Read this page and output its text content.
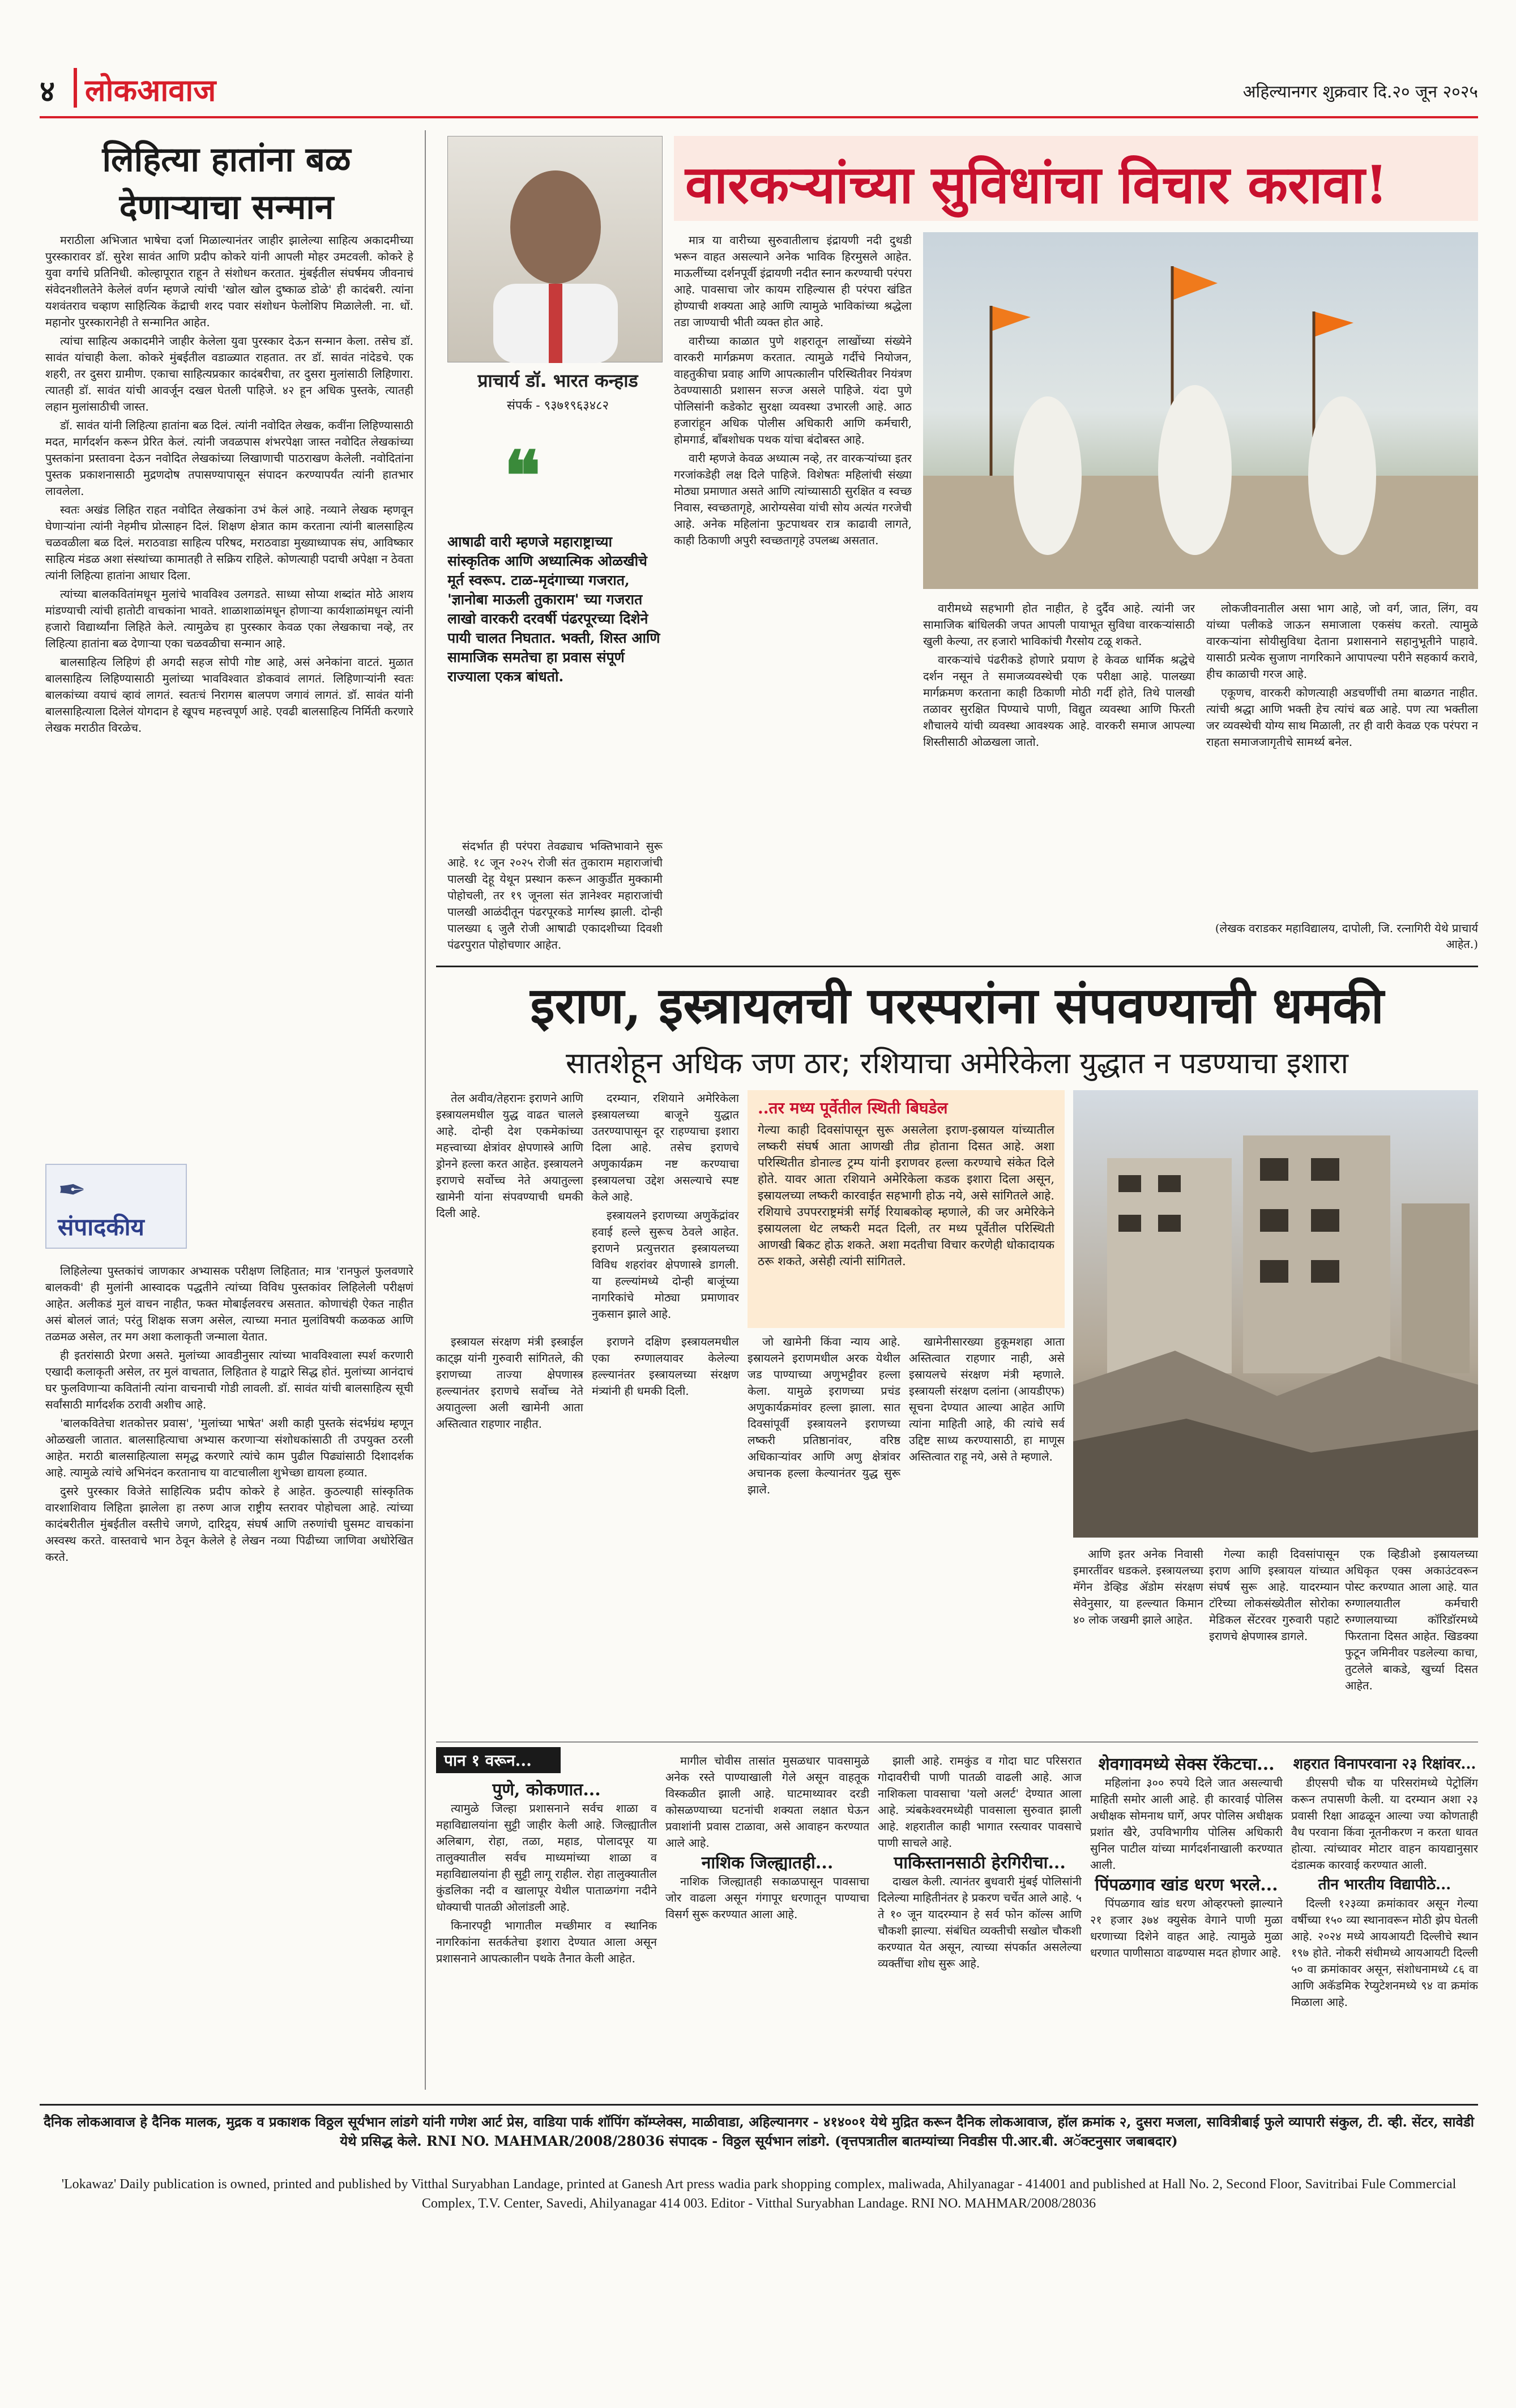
४ लोकआवाज	अहिल्यानगर शुक्रवार दि.२० जून २०२५
लिहित्या हातांना बळ देणाऱ्याचा सन्मान

मराठीला अभिजात भाषेचा दर्जा मिळाल्यानंतर जाहीर झालेल्या साहित्य अकादमीच्या पुरस्कारावर डॉ. सुरेश सावंत आणि प्रदीप कोकरे यांनी आपली मोहर उमटवली. कोकरे हे युवा वर्गाचे प्रतिनिधी. कोल्हापूरात राहून ते संशोधन करतात. मुंबईतील संघर्षमय जीवनाचं संवेदनशीलतेने केलेलं वर्णन म्हणजे त्यांची 'खोल खोल दुष्काळ डोळे' ही कादंबरी. त्यांना यशवंतराव चव्हाण साहित्यिक केंद्राची शरद पवार संशोधन फेलोशिप मिळालेली. ना. धों. महानोर पुरस्कारानेही ते सन्मानित आहेत.

त्यांचा साहित्य अकादमीने जाहीर केलेला युवा पुरस्कार देऊन सन्मान केला. तसेच डॉ. सावंत यांचाही केला. कोकरे मुंबईतील वडाळ्यात राहतात. तर डॉ. सावंत नांदेडचे. एक शहरी, तर दुसरा ग्रामीण. एकाचा साहित्यप्रकार कादंबरीचा, तर दुसरा मुलांसाठी लिहिणारा. त्यातही डॉ. सावंत यांची आवर्जून दखल घेतली पाहिजे. ४२ हून अधिक पुस्तके, त्यातही लहान मुलांसाठीची जास्त.

डॉ. सावंत यांनी लिहित्या हातांना बळ दिलं. त्यांनी नवोदित लेखक, कवींना लिहिण्यासाठी मदत, मार्गदर्शन करून प्रेरित केलं. त्यांनी जवळपास शंभरपेक्षा जास्त नवोदित लेखकांच्या पुस्तकांना प्रस्तावना देऊन नवोदित लेखकांच्या लिखाणाची पाठराखण केलेली. नवोदितांना पुस्तक प्रकाशनासाठी मुद्रणदोष तपासण्यापासून संपादन करण्यापर्यंत त्यांनी हातभार लावलेला.

स्वतः अखंड लिहित राहत नवोदित लेखकांना उभं केलं आहे. नव्याने लेखक म्हणवून घेणाऱ्यांना त्यांनी नेहमीच प्रोत्साहन दिलं. शिक्षण क्षेत्रात काम करताना त्यांनी बालसाहित्य चळवळीला बळ दिलं. मराठवाडा साहित्य परिषद, मराठवाडा मुख्याध्यापक संघ, आविष्कार साहित्य मंडळ अशा संस्थांच्या कामातही ते सक्रिय राहिले. कोणत्याही पदाची अपेक्षा न ठेवता त्यांनी लिहित्या हातांना आधार दिला.

त्यांच्या बालकवितांमधून मुलांचे भावविश्व उलगडते. साध्या सोप्या शब्दांत मोठे आशय मांडण्याची त्यांची हातोटी वाचकांना भावते. शाळाशाळांमधून होणाऱ्या कार्यशाळांमधून त्यांनी हजारो विद्यार्थ्यांना लिहिते केले. त्यामुळेच हा पुरस्कार केवळ एका लेखकाचा नव्हे, तर लिहित्या हातांना बळ देणाऱ्या एका चळवळीचा सन्मान आहे.

बालसाहित्य लिहिणं ही अगदी सहज सोपी गोष्ट आहे, असं अनेकांना वाटतं. मुळात बालसाहित्य लिहिण्यासाठी मुलांच्या भावविश्वात डोकवावं लागतं. लिहिणाऱ्यांनी स्वतः बालकांच्या वयाचं व्हावं लागतं. स्वतःचं निरागस बालपण जगावं लागतं. डॉ. सावंत यांनी बालसाहित्याला दिलेलं योगदान हे खूपच महत्त्वपूर्ण आहे. एवढी बालसाहित्य निर्मिती करणारे लेखक मराठीत विरळेच.

✒
संपादकीय

लिहिलेल्या पुस्तकांचं जाणकार अभ्यासक परीक्षण लिहितात; मात्र 'रानफुलं फुलवणारे बालकवी' ही मुलांनी आस्वादक पद्धतीने त्यांच्या विविध पुस्तकांवर लिहिलेली परीक्षणं आहेत. अलीकडं मुलं वाचन नाहीत, फक्त मोबाईलवरच असतात. कोणाचंही ऐकत नाहीत असं बोललं जातं; परंतु शिक्षक सजग असेल, त्याच्या मनात मुलांविषयी कळकळ आणि तळमळ असेल, तर मग अशा कलाकृती जन्माला येतात.

ही इतरांसाठी प्रेरणा असते. मुलांच्या आवडीनुसार त्यांच्या भावविश्वाला स्पर्श करणारी एखादी कलाकृती असेल, तर मुलं वाचतात, लिहितात हे याद्वारे सिद्ध होतं. मुलांच्या आनंदाचं घर फुलविणाऱ्या कवितांनी त्यांना वाचनाची गोडी लावली. डॉ. सावंत यांची बालसाहित्य सूची सर्वांसाठी मार्गदर्शक ठरावी अशीच आहे.

'बालकवितेचा शतकोत्तर प्रवास', 'मुलांच्या भाषेत' अशी काही पुस्तके संदर्भग्रंथ म्हणून ओळखली जातात. बालसाहित्याचा अभ्यास करणाऱ्या संशोधकांसाठी ती उपयुक्त ठरली आहेत. मराठी बालसाहित्याला समृद्ध करणारे त्यांचे काम पुढील पिढ्यांसाठी दिशादर्शक आहे. त्यामुळे त्यांचे अभिनंदन करतानाच या वाटचालीला शुभेच्छा द्यायला हव्यात.

दुसरे पुरस्कार विजेते साहित्यिक प्रदीप कोकरे हे आहेत. कुठल्याही सांस्कृतिक वारशाशिवाय लिहिता झालेला हा तरुण आज राष्ट्रीय स्तरावर पोहोचला आहे. त्यांच्या कादंबरीतील मुंबईतील वस्तीचे जगणे, दारिद्र्य, संघर्ष आणि तरुणांची घुसमट वाचकांना अस्वस्थ करते. वास्तवाचे भान ठेवून केलेले हे लेखन नव्या पिढीच्या जाणिवा अधोरेखित करते.

प्राचार्य डॉ. भारत कन्हाड
संपर्क - ९३७१९६३४८२
❝
आषाढी वारी म्हणजे महाराष्ट्राच्या सांस्कृतिक आणि अध्यात्मिक ओळखीचे मूर्त स्वरूप. टाळ-मृदंगाच्या गजरात, 'ज्ञानोबा माऊली तुकाराम' च्या गजरात लाखो वारकरी दरवर्षी पंढरपूरच्या दिशेने पायी चालत निघतात. भक्ती, शिस्त आणि सामाजिक समतेचा हा प्रवास संपूर्ण राज्याला एकत्र बांधतो.
वारकऱ्यांच्या सुविधांचा विचार करावा!

संदर्भात ही परंपरा तेवढ्याच भक्तिभावाने सुरू आहे. १८ जून २०२५ रोजी संत तुकाराम महाराजांची पालखी देहू येथून प्रस्थान करून आकुर्डीत मुक्कामी पोहोचली, तर १९ जूनला संत ज्ञानेश्वर महाराजांची पालखी आळंदीतून पंढरपूरकडे मार्गस्थ झाली. दोन्ही पालख्या ६ जुलै रोजी आषाढी एकादशीच्या दिवशी पंढरपुरात पोहोचणार आहेत.

मात्र या वारीच्या सुरुवातीलाच इंद्रायणी नदी दुथडी भरून वाहत असल्याने अनेक भाविक हिरमुसले आहेत. माऊलींच्या दर्शनपूर्वी इंद्रायणी नदीत स्नान करण्याची परंपरा आहे. पावसाचा जोर कायम राहिल्यास ही परंपरा खंडित होण्याची शक्यता आहे आणि त्यामुळे भाविकांच्या श्रद्धेला तडा जाण्याची भीती व्यक्त होत आहे.

वारीच्या काळात पुणे शहरातून लाखोंच्या संख्येने वारकरी मार्गक्रमण करतात. त्यामुळे गर्दीचे नियोजन, वाहतुकीचा प्रवाह आणि आपत्कालीन परिस्थितीवर नियंत्रण ठेवण्यासाठी प्रशासन सज्ज असले पाहिजे. यंदा पुणे पोलिसांनी कडेकोट सुरक्षा व्यवस्था उभारली आहे. आठ हजारांहून अधिक पोलीस अधिकारी आणि कर्मचारी, होमगार्ड, बाँबशोधक पथक यांचा बंदोबस्त आहे.

वारी म्हणजे केवळ अध्यात्म नव्हे, तर वारकऱ्यांच्या इतर गरजांकडेही लक्ष दिले पाहिजे. विशेषतः महिलांची संख्या मोठ्या प्रमाणात असते आणि त्यांच्यासाठी सुरक्षित व स्वच्छ निवास, स्वच्छतागृहे, आरोग्यसेवा यांची सोय अत्यंत गरजेची आहे. अनेक महिलांना फुटपाथवर रात्र काढावी लागते, काही ठिकाणी अपुरी स्वच्छतागृहे उपलब्ध असतात.

वारीमध्ये सहभागी होत नाहीत, हे दुर्दैव आहे. त्यांनी जर सामाजिक बांधिलकी जपत आपली पायाभूत सुविधा वारकऱ्यांसाठी खुली केल्या, तर हजारो भाविकांची गैरसोय टळू शकते.

वारकऱ्यांचे पंढरीकडे होणारे प्रयाण हे केवळ धार्मिक श्रद्धेचे दर्शन नसून ते समाजव्यवस्थेची एक परीक्षा आहे. पालख्या मार्गक्रमण करताना काही ठिकाणी मोठी गर्दी होते, तिथे पालखी तळावर सुरक्षित पिण्याचे पाणी, विद्युत व्यवस्था आणि फिरती शौचालये यांची व्यवस्था आवश्यक आहे. वारकरी समाज आपल्या शिस्तीसाठी ओळखला जातो.

लोकजीवनातील असा भाग आहे, जो वर्ग, जात, लिंग, वय यांच्या पलीकडे जाऊन समाजाला एकसंघ करतो. त्यामुळे वारकऱ्यांना सोयीसुविधा देताना प्रशासनाने सहानुभूतीने पाहावे. यासाठी प्रत्येक सुजाण नागरिकाने आपापल्या परीने सहकार्य करावे, हीच काळाची गरज आहे.

एकूणच, वारकरी कोणत्याही अडचणींची तमा बाळगत नाहीत. त्यांची श्रद्धा आणि भक्ती हेच त्यांचं बळ आहे. पण त्या भक्तीला जर व्यवस्थेची योग्य साथ मिळाली, तर ही वारी केवळ एक परंपरा न राहता समाजजागृतीचे सामर्थ्य बनेल.

(लेखक वराडकर महाविद्यालय, दापोली, जि. रत्नागिरी येथे प्राचार्य आहेत.)
इराण, इस्त्रायलची परस्परांना संपवण्याची धमकी
सातशेहून अधिक जण ठार; रशियाचा अमेरिकेला युद्धात न पडण्याचा इशारा

तेल अवीव/तेहरानः इराणने आणि इस्त्रायलमधील युद्ध वाढत चालले आहे. दोन्ही देश एकमेकांच्या महत्त्वाच्या क्षेत्रांवर क्षेपणास्त्रे आणि ड्रोनने हल्ला करत आहेत. इस्त्रायलने इराणचे सर्वोच्च नेते अयातुल्ला खामेनी यांना संपवण्याची धमकी दिली आहे.

दरम्यान, रशियाने अमेरिकेला इस्त्रायलच्या बाजूने युद्धात उतरण्यापासून दूर राहण्याचा इशारा दिला आहे. तसेच इराणचे अणुकार्यक्रम नष्ट करण्याचा इस्त्रायलचा उद्देश असल्याचे स्पष्ट केले आहे.

इस्त्रायलने इराणच्या अणुकेंद्रांवर हवाई हल्ले सुरूच ठेवले आहेत. इराणने प्रत्युत्तरात इस्त्रायलच्या विविध शहरांवर क्षेपणास्त्रे डागली. या हल्ल्यांमध्ये दोन्ही बाजूंच्या नागरिकांचे मोठ्या प्रमाणावर नुकसान झाले आहे.

..तर मध्य पूर्वेतील स्थिती बिघडेल
गेल्या काही दिवसांपासून सुरू असलेला इराण-इस्रायल यांच्यातील लष्करी संघर्ष आता आणखी तीव्र होताना दिसत आहे. अशा परिस्थितीत डोनाल्ड ट्रम्प यांनी इराणवर हल्ला करण्याचे संकेत दिले होते. यावर आता रशियाने अमेरिकेला कडक इशारा दिला असून, इस्रायलच्या लष्करी कारवाईत सहभागी होऊ नये, असे सांगितले आहे. रशियाचे उपपरराष्ट्रमंत्री सर्गेई रियाबकोव्ह म्हणाले, की जर अमेरिकेने इस्रायलला थेट लष्करी मदत दिली, तर मध्य पूर्वेतील परिस्थिती आणखी बिकट होऊ शकते. अशा मदतीचा विचार करणेही धोकादायक ठरू शकते, असेही त्यांनी सांगितले.

इस्त्रायल संरक्षण मंत्री इस्त्राईल काट्झ यांनी गुरुवारी सांगितले, की इराणच्या ताज्या क्षेपणास्त्र हल्ल्यानंतर इराणचे सर्वोच्च नेते अयातुल्ला अली खामेनी आता अस्तित्वात राहणार नाहीत.

इराणने दक्षिण इस्त्रायलमधील एका रुग्णालयावर केलेल्या हल्ल्यानंतर इस्त्रायलच्या संरक्षण मंत्र्यांनी ही धमकी दिली.

जो खामेनी किंवा न्याय आहे. इस्रायलने इराणमधील अरक येथील जड पाण्याच्या अणुभट्टीवर हल्ला केला. यामुळे इराणच्या प्रचंड अणुकार्यक्रमांवर हल्ला झाला. सात दिवसांपूर्वी इस्त्रायलने इराणच्या लष्करी प्रतिष्ठानांवर, वरिष्ठ अधिकाऱ्यांवर आणि अणु क्षेत्रांवर अचानक हल्ला केल्यानंतर युद्ध सुरू झाले.

खामेनीसारख्या हुकूमशहा आता अस्तित्वात राहणार नाही, असे इस्रायलचे संरक्षण मंत्री म्हणाले. इस्त्रायली संरक्षण दलांना (आयडीएफ) सूचना देण्यात आल्या आहेत आणि त्यांना माहिती आहे, की त्यांचे सर्व उद्दिष्ट साध्य करण्यासाठी, हा माणूस अस्तित्वात राहू नये, असे ते म्हणाले.

आणि इतर अनेक निवासी इमारतींवर धडकले. इस्त्रायलच्या मॅगेन डेव्हिड ॲडोम संरक्षण सेवेनुसार, या हल्ल्यात किमान ४० लोक जखमी झाले आहेत.

गेल्या काही दिवसांपासून इराण आणि इस्त्रायल यांच्यात संघर्ष सुरू आहे. यादरम्यान टॉरेच्या लोकसंख्येतील सोरोका मेडिकल सेंटरवर गुरुवारी पहाटे इराणचे क्षेपणास्त्र डागले.

एक व्हिडीओ इस्रायलच्या अधिकृत एक्स अकाउंटवरून पोस्ट करण्यात आला आहे. यात रुग्णालयातील कर्मचारी रुग्णालयाच्या कॉरिडॉरमध्ये फिरताना दिसत आहेत. खिडक्या फुटून जमिनीवर पडलेल्या काचा, तुटलेले बाकडे, खुर्च्या दिसत आहेत.

पान १ वरून...
पुणे, कोकणात...

त्यामुळे जिल्हा प्रशासनाने सर्वच शाळा व महाविद्यालयांना सुट्टी जाहीर केली आहे. जिल्ह्यातील अलिबाग, रोहा, तळा, महाड, पोलादपूर या तालुक्यातील सर्वच माध्यमांच्या शाळा व महाविद्यालयांना ही सुट्टी लागू राहील. रोहा तालुक्यातील कुंडलिका नदी व खालापूर येथील पाताळगंगा नदीने धोक्याची पातळी ओलांडली आहे.

किनारपट्टी भागातील मच्छीमार व स्थानिक नागरिकांना सतर्कतेचा इशारा देण्यात आला असून प्रशासनाने आपत्कालीन पथके तैनात केली आहेत.

मागील चोवीस तासांत मुसळधार पावसामुळे अनेक रस्ते पाण्याखाली गेले असून वाहतूक विस्कळीत झाली आहे. घाटमाथ्यावर दरडी कोसळण्याच्या घटनांची शक्यता लक्षात घेऊन प्रवाशांनी प्रवास टाळावा, असे आवाहन करण्यात आले आहे.

नाशिक जिल्ह्यातही...

नाशिक जिल्ह्यातही सकाळपासून पावसाचा जोर वाढला असून गंगापूर धरणातून पाण्याचा विसर्ग सुरू करण्यात आला आहे.

झाली आहे. रामकुंड व गोदा घाट परिसरात गोदावरीची पाणी पातळी वाढली आहे. आज नाशिकला पावसाचा 'यलो अलर्ट' देण्यात आला आहे. त्र्यंबकेश्वरमध्येही पावसाला सुरुवात झाली आहे. शहरातील काही भागात रस्त्यावर पावसाचे पाणी साचले आहे.

पाकिस्तानसाठी हेरगिरीचा...

दाखल केली. त्यानंतर बुधवारी मुंबई पोलिसांनी दिलेल्या माहितीनंतर हे प्रकरण चर्चेत आले आहे. ५ ते १० जून यादरम्यान हे सर्व फोन कॉल्स आणि चौकशी झाल्या. संबंधित व्यक्तीची सखोल चौकशी करण्यात येत असून, त्याच्या संपर्कात असलेल्या व्यक्तींचा शोध सुरू आहे.

शेवगावमध्ये सेक्स रॅकेटचा...

महिलांना ३०० रुपये दिले जात असल्याची माहिती समोर आली आहे. ही कारवाई पोलिस अधीक्षक सोमनाथ घार्गे, अपर पोलिस अधीक्षक प्रशांत खैरे, उपविभागीय पोलिस अधिकारी सुनिल पाटील यांच्या मार्गदर्शनाखाली करण्यात आली.

पिंपळगाव खांड धरण भरले...

पिंपळगाव खांड धरण ओव्हरफ्लो झाल्याने २१ हजार ३७४ क्युसेक वेगाने पाणी मुळा धरणाच्या दिशेने वाहत आहे. त्यामुळे मुळा धरणात पाणीसाठा वाढण्यास मदत होणार आहे.

शहरात विनापरवाना २३ रिक्षांवर...

डीएसपी चौक या परिसरांमध्ये पेट्रोलिंग करून तपासणी केली. या दरम्यान अशा २३ प्रवासी रिक्षा आढळून आल्या ज्या कोणताही वैध परवाना किंवा नूतनीकरण न करता धावत होत्या. त्यांच्यावर मोटार वाहन कायद्यानुसार दंडात्मक कारवाई करण्यात आली.

तीन भारतीय विद्यापीठे...

दिल्ली १२३व्या क्रमांकावर असून गेल्या वर्षीच्या १५० व्या स्थानावरून मोठी झेप घेतली आहे. २०२४ मध्ये आयआयटी दिल्लीचे स्थान १९७ होते. नोकरी संधीमध्ये आयआयटी दिल्ली ५० वा क्रमांकावर असून, संशोधनामध्ये ८६ वा आणि अकॅडमिक रेप्युटेशनमध्ये ९४ वा क्रमांक मिळाला आहे.

दैनिक लोकआवाज हे दैनिक मालक, मुद्रक व प्रकाशक विठ्ठल सूर्यभान लांडगे यांनी गणेश आर्ट प्रेस, वाडिया पार्क शॉपिंग कॉम्प्लेक्स, माळीवाडा, अहिल्यानगर - ४१४००१ येथे मुद्रित करून दैनिक लोकआवाज, हॉल क्रमांक २, दुसरा मजला, सावित्रीबाई फुले व्यापारी संकुल, टी. व्ही. सेंटर, सावेडी येथे प्रसिद्ध केले. RNI NO. MAHMAR/2008/28036 संपादक - विठ्ठल सूर्यभान लांडगे. (वृत्तपत्रातील बातम्यांच्या निवडीस पी.आर.बी. अॅक्टनुसार जबाबदार)
'Lokawaz' Daily publication is owned, printed and published by Vitthal Suryabhan Landage, printed at Ganesh Art press wadia park shopping complex, maliwada, Ahilyanagar - 414001 and published at Hall No. 2, Second Floor, Savitribai Fule Commercial Complex, T.V. Center, Savedi, Ahilyanagar 414 003. Editor - Vitthal Suryabhan Landage. RNI NO. MAHMAR/2008/28036
